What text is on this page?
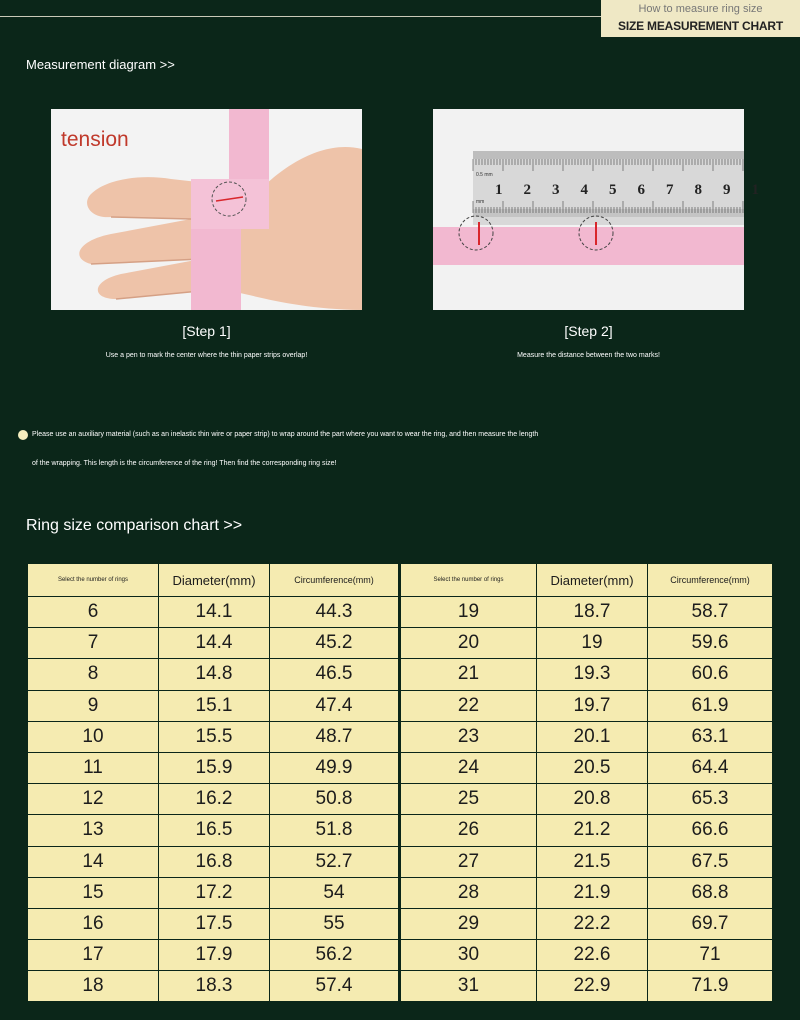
How to measure ring size
SIZE MEASUREMENT CHART
Measurement diagram >>
tension
0.5 mm
mm
1 2 3 4 5 6 7 8 9 1
[Step 1]
Use a pen to mark the center where the thin paper strips overlap!
[Step 2]
Measure the distance between the two marks!
Please use an auxiliary material (such as an inelastic thin wire or paper strip) to wrap around the part where you want to wear the ring, and then measure the length
of the wrapping. This length is the circumference of the ring! Then find the corresponding ring size!
Ring size comparison chart >>
Select the number of rings	Diameter(mm)	Circumference(mm)
6	14.1	44.3
7	14.4	45.2
8	14.8	46.5
9	15.1	47.4
10	15.5	48.7
11	15.9	49.9
12	16.2	50.8
13	16.5	51.8
14	16.8	52.7
15	17.2	54
16	17.5	55
17	17.9	56.2
18	18.3	57.4
Select the number of rings	Diameter(mm)	Circumference(mm)
19	18.7	58.7
20	19	59.6
21	19.3	60.6
22	19.7	61.9
23	20.1	63.1
24	20.5	64.4
25	20.8	65.3
26	21.2	66.6
27	21.5	67.5
28	21.9	68.8
29	22.2	69.7
30	22.6	71
31	22.9	71.9
